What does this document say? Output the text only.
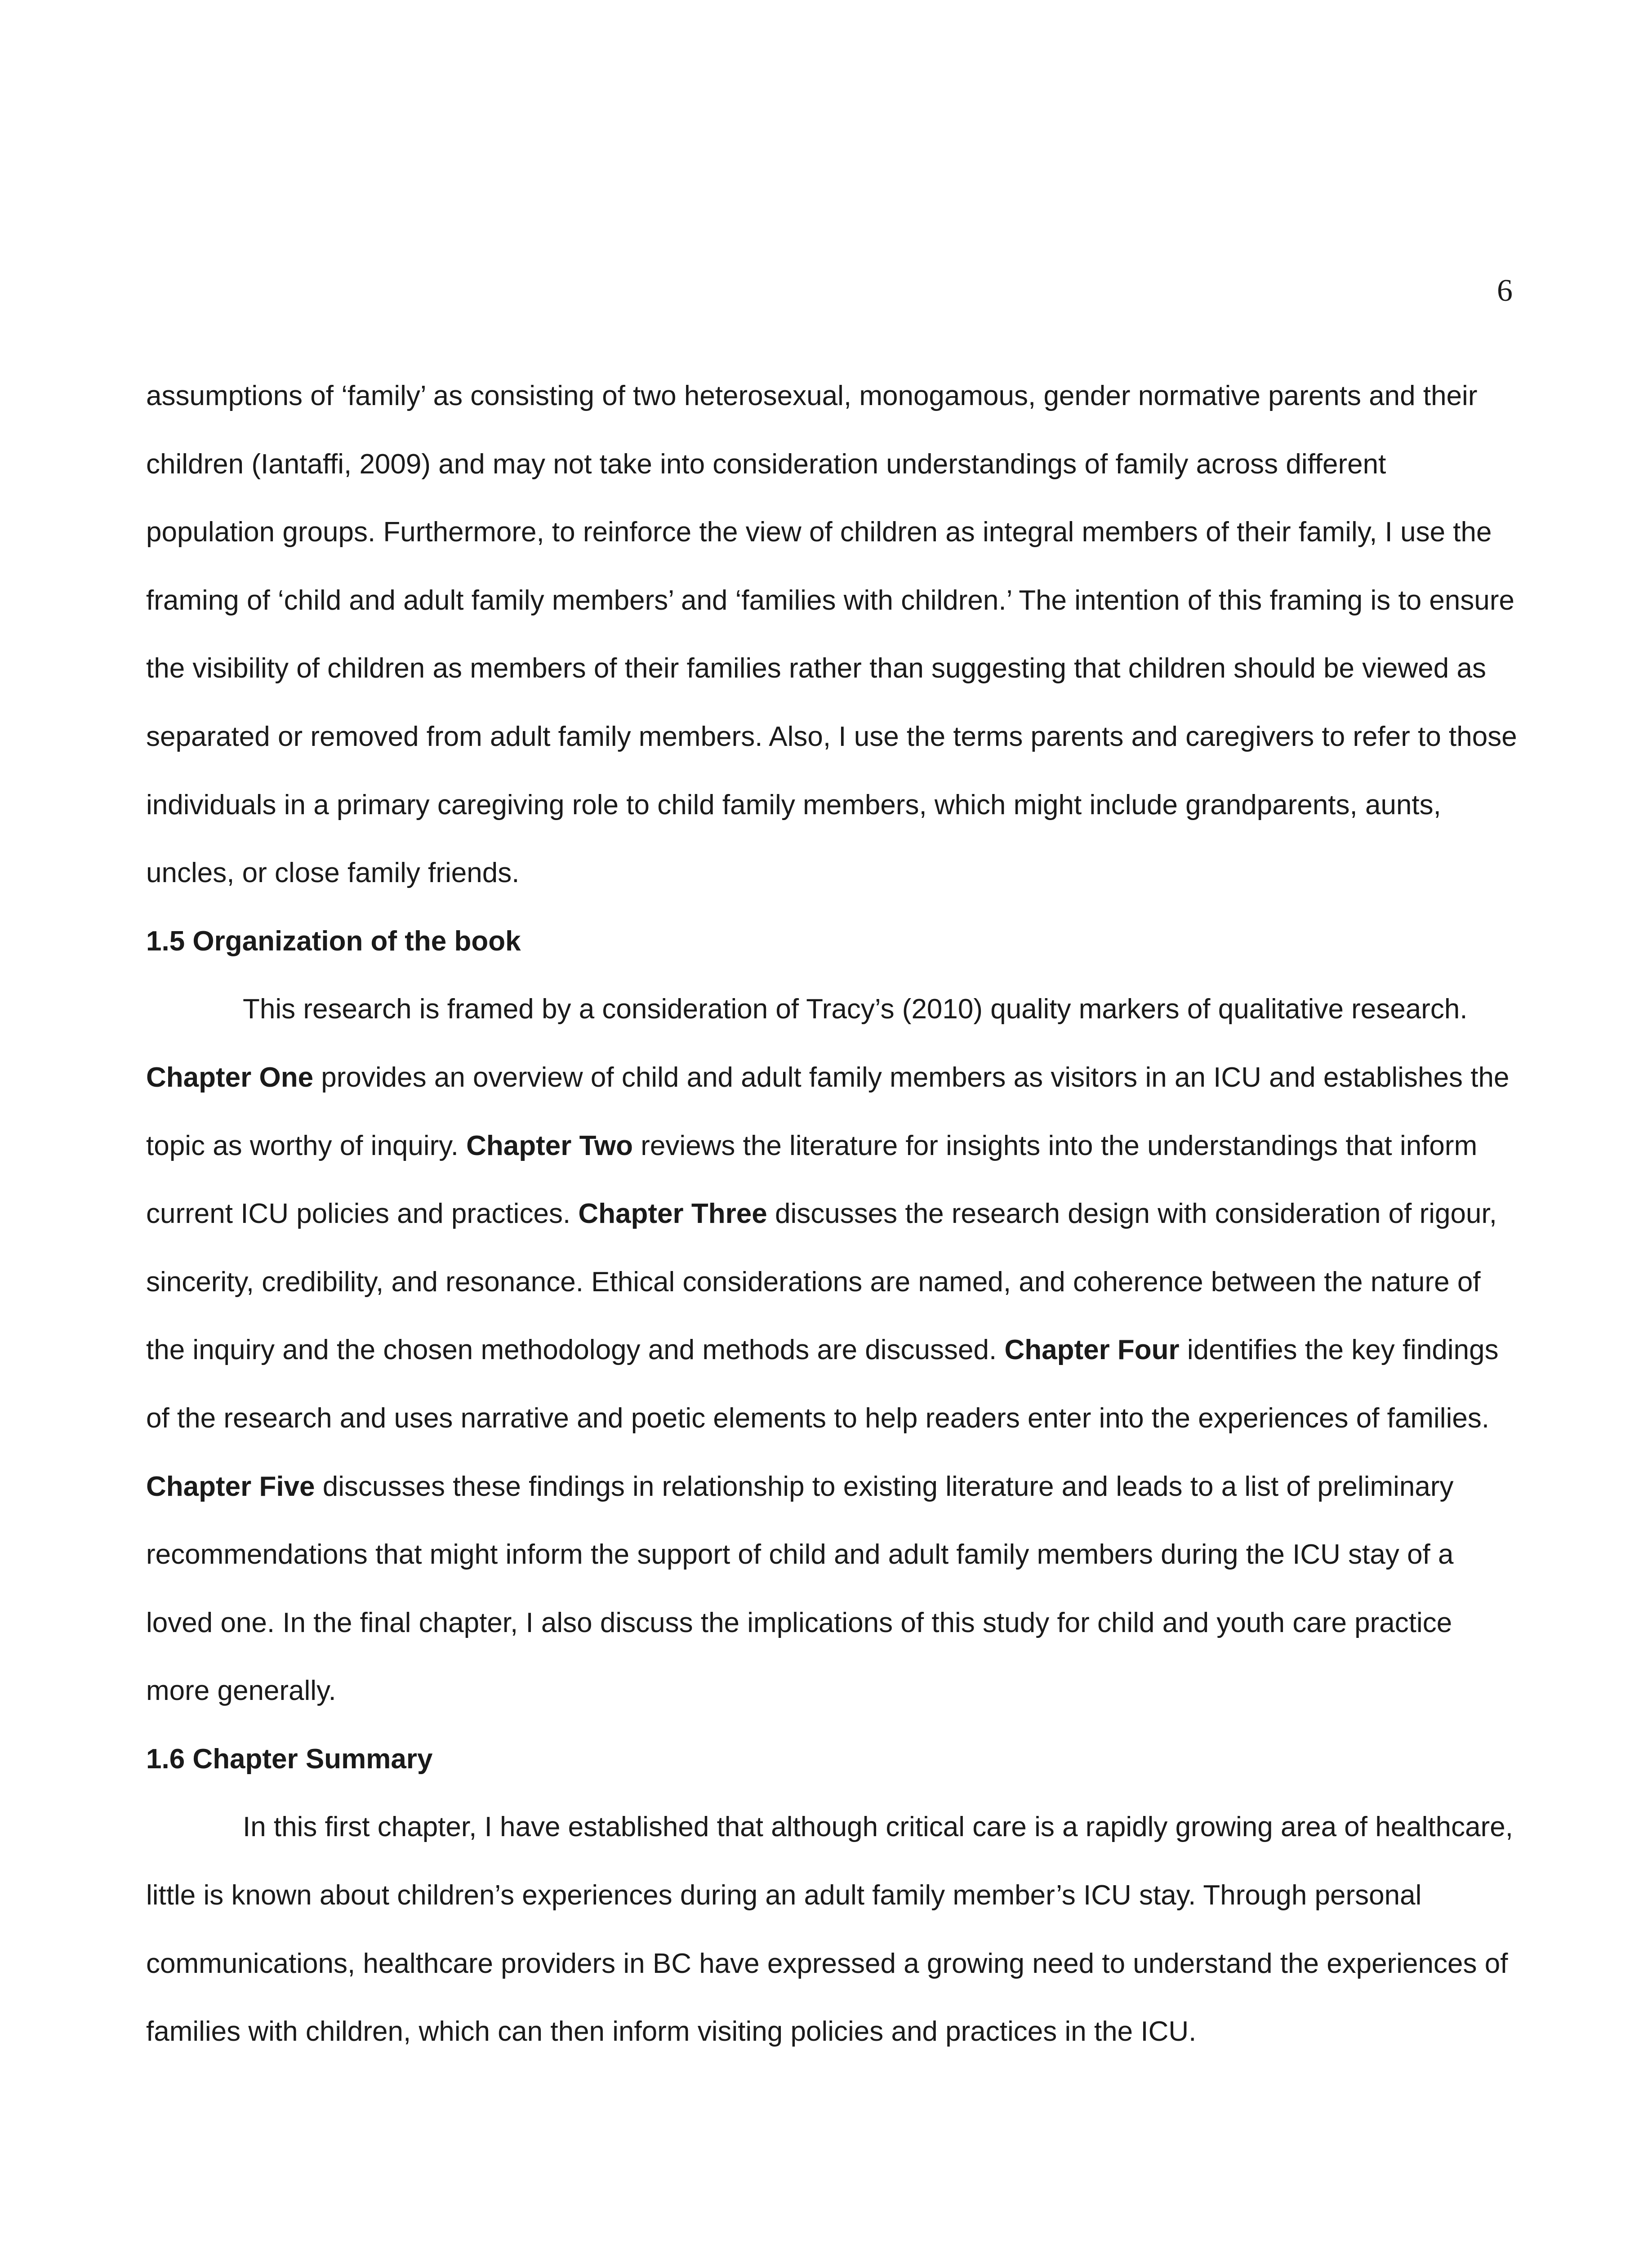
6

assumptions of ‘family’ as consisting of two heterosexual, monogamous, gender normative parents and their children (Iantaffi, 2009) and may not take into consideration understandings of family across different population groups. Furthermore, to reinforce the view of children as integral members of their family, I use the framing of ‘child and adult family members’ and ‘families with children.’ The intention of this framing is to ensure the visibility of children as members of their families rather than suggesting that children should be viewed as separated or removed from adult family members. Also, I use the terms parents and caregivers to refer to those individuals in a primary caregiving role to child family members, which might include grandparents, aunts, uncles, or close family friends.

1.5 Organization of the book

This research is framed by a consideration of Tracy’s (2010) quality markers of qualitative research. Chapter One provides an overview of child and adult family members as visitors in an ICU and establishes the topic as worthy of inquiry. Chapter Two reviews the literature for insights into the understandings that inform current ICU policies and practices. Chapter Three discusses the research design with consideration of rigour, sincerity, credibility, and resonance. Ethical considerations are named, and coherence between the nature of the inquiry and the chosen methodology and methods are discussed. Chapter Four identifies the key findings of the research and uses narrative and poetic elements to help readers enter into the experiences of families. Chapter Five discusses these findings in relationship to existing literature and leads to a list of preliminary recommendations that might inform the support of child and adult family members during the ICU stay of a loved one. In the final chapter, I also discuss the implications of this study for child and youth care practice more generally.

1.6 Chapter Summary

In this first chapter, I have established that although critical care is a rapidly growing area of healthcare, little is known about children’s experiences during an adult family member’s ICU stay. Through personal communications, healthcare providers in BC have expressed a growing need to understand the experiences of families with children, which can then inform visiting policies and practices in the ICU.
